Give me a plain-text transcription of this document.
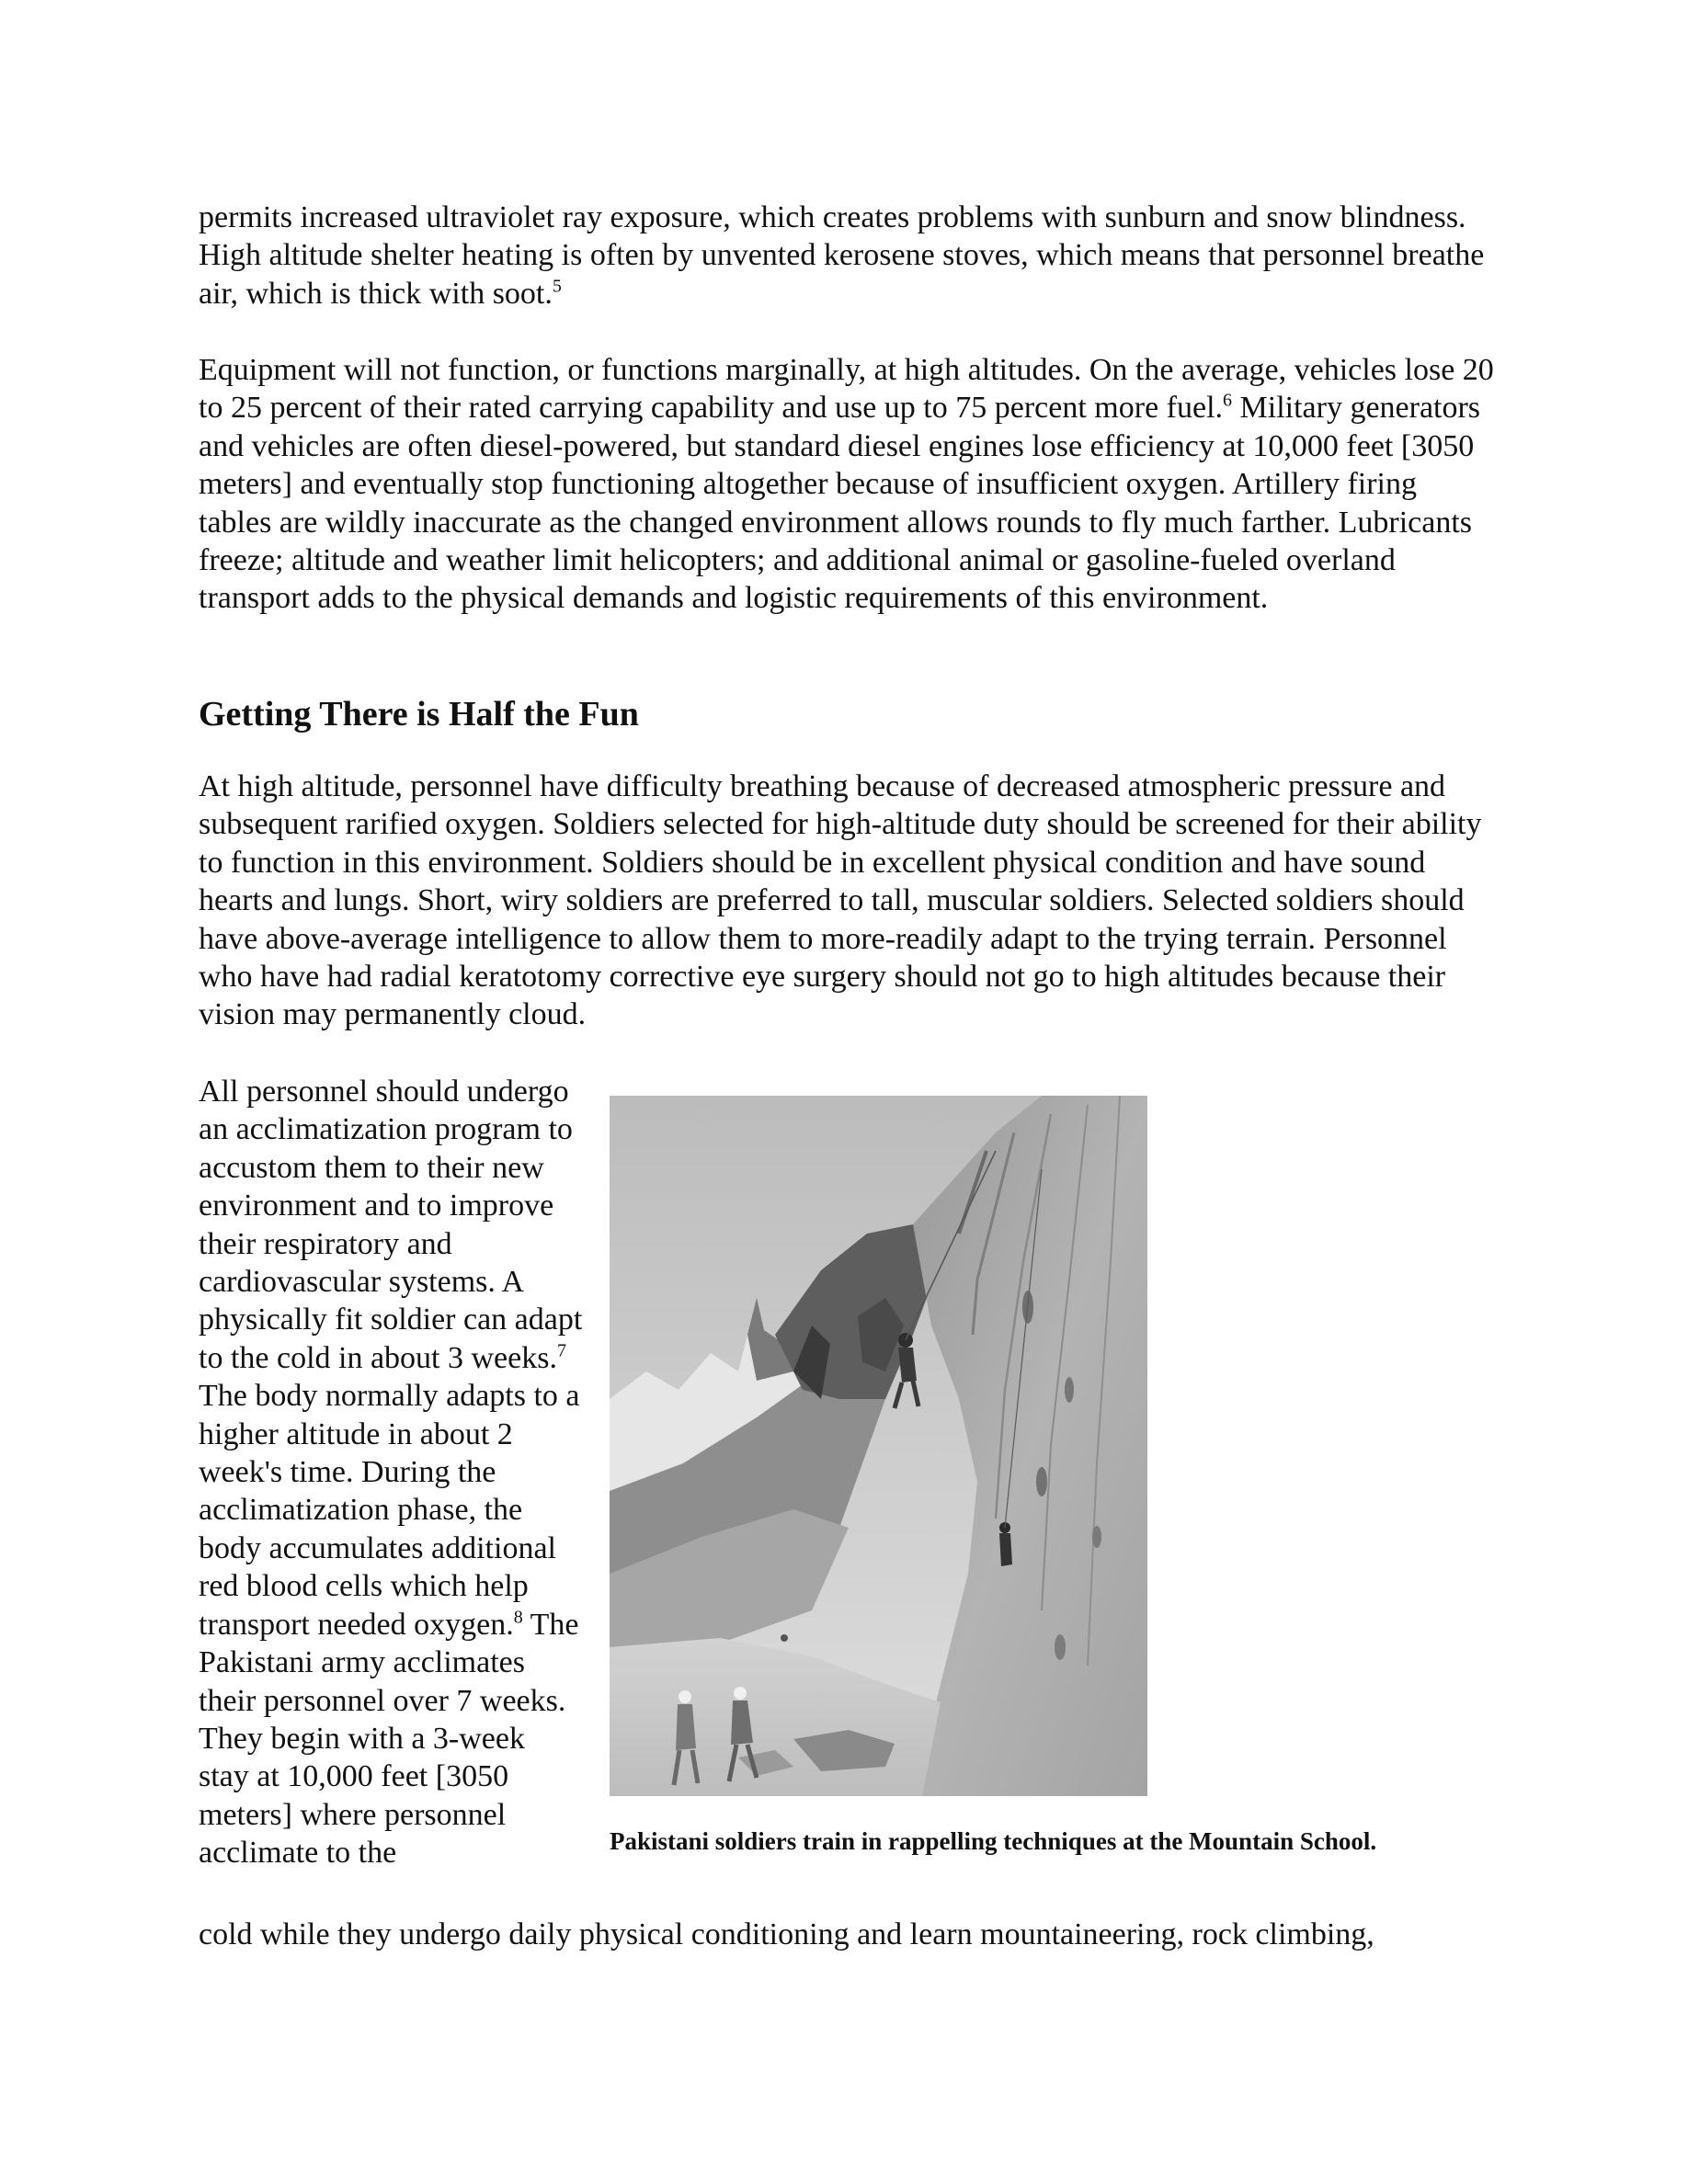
permits increased ultraviolet ray exposure, which creates problems with sunburn and snow blindness. High altitude shelter heating is often by unvented kerosene stoves, which means that personnel breathe air, which is thick with soot.$^5$

Equipment will not function, or functions marginally, at high altitudes. On the average, vehicles lose 20 to 25 percent of their rated carrying capability and use up to 75 percent more fuel.$^6$ Military generators and vehicles are often diesel-powered, but standard diesel engines lose efficiency at 10,000 feet [3050 meters] and eventually stop functioning altogether because of insufficient oxygen. Artillery firing tables are wildly inaccurate as the changed environment allows rounds to fly much farther. Lubricants freeze; altitude and weather limit helicopters; and additional animal or gasoline-fueled overland transport adds to the physical demands and logistic requirements of this environment.

Getting There is Half the Fun

At high altitude, personnel have difficulty breathing because of decreased atmospheric pressure and subsequent rarified oxygen. Soldiers selected for high-altitude duty should be screened for their ability to function in this environment. Soldiers should be in excellent physical condition and have sound hearts and lungs. Short, wiry soldiers are preferred to tall, muscular soldiers. Selected soldiers should have above-average intelligence to allow them to more-readily adapt to the trying terrain. Personnel who have had radial keratotomy corrective eye surgery should not go to high altitudes because their vision may permanently cloud.

All personnel should undergo an acclimatization program to accustom them to their new environment and to improve their respiratory and cardiovascular systems. A physically fit soldier can adapt to the cold in about 3 weeks.$^7$ The body normally adapts to a higher altitude in about 2 week's time. During the acclimatization phase, the body accumulates additional red blood cells which help transport needed oxygen.$^8$ The Pakistani army acclimates their personnel over 7 weeks. They begin with a 3-week stay at 10,000 feet [3050 meters] where personnel acclimate to the

cold while they undergo daily physical conditioning and learn mountaineering, rock climbing,

Pakistani soldiers train in rappelling techniques at the Mountain School.
